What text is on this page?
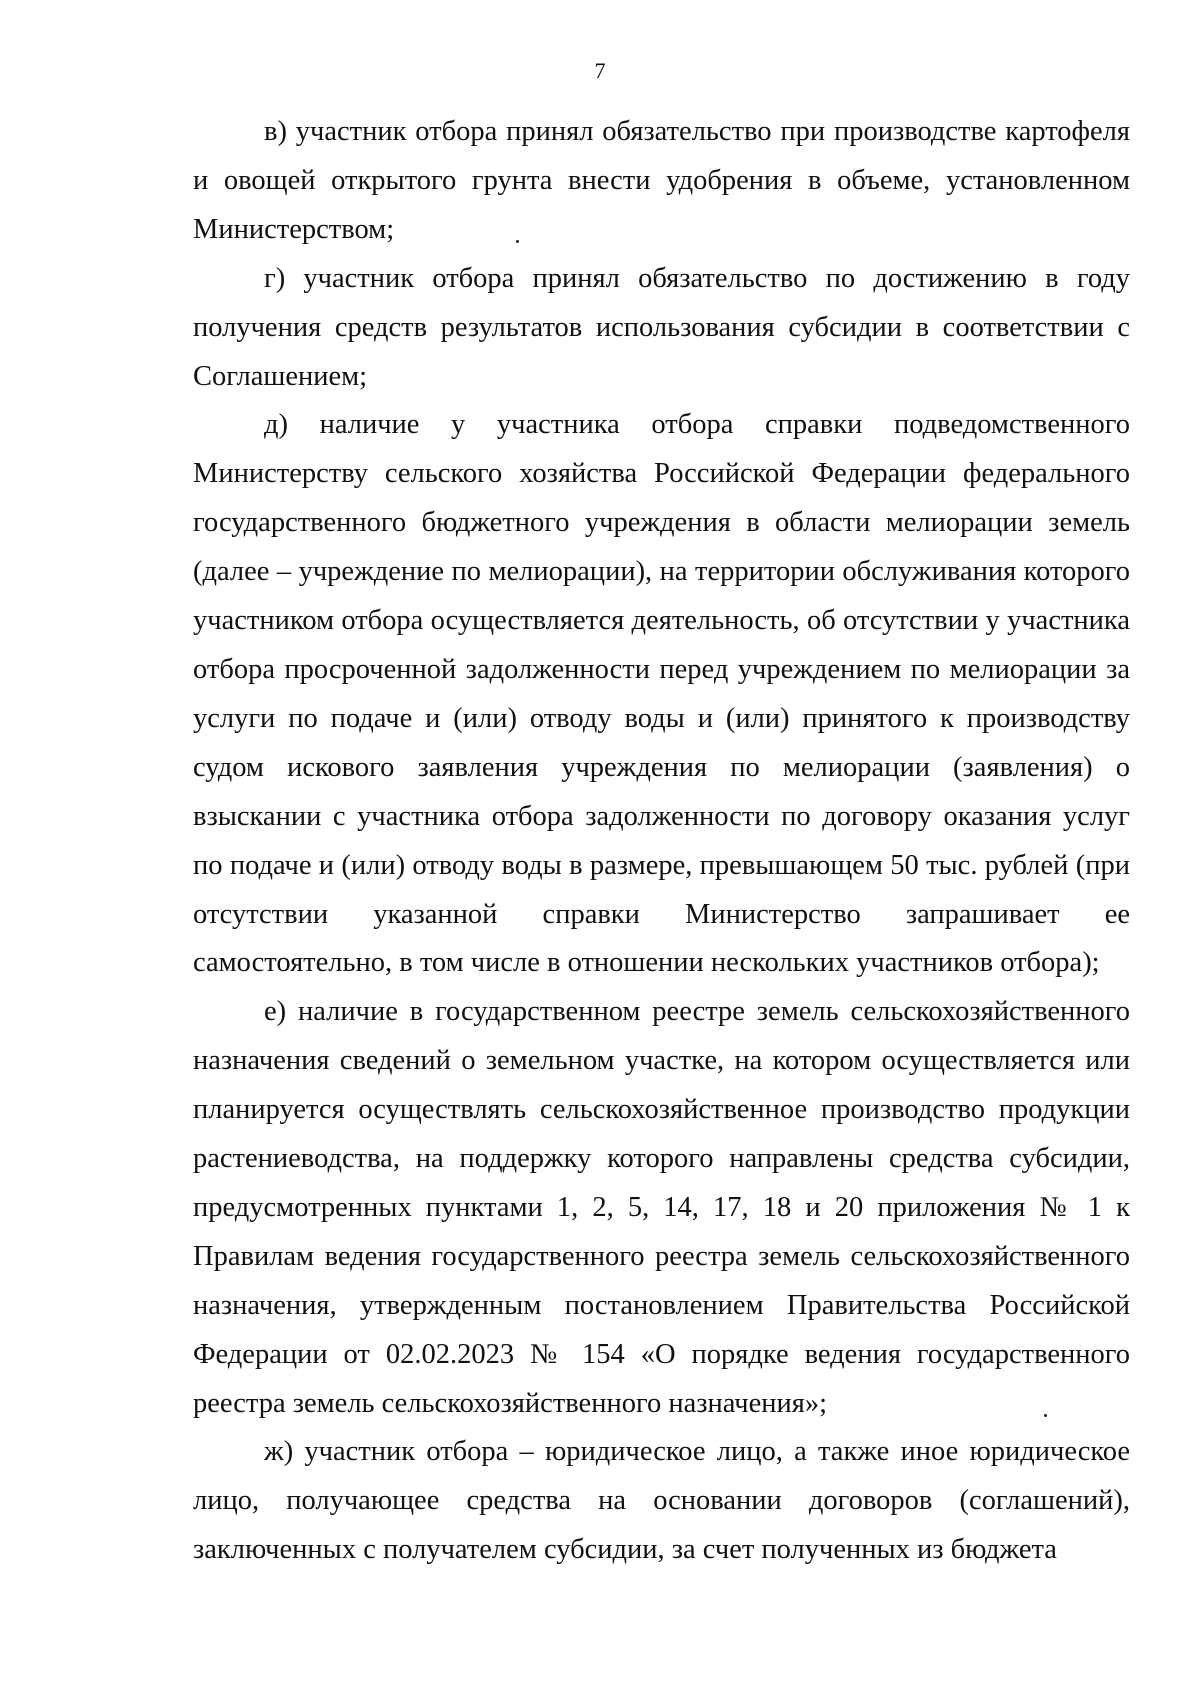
7

в) участник отбора принял обязательство при производстве картофеля и овощей открытого грунта внести удобрения в объеме, установленном Министерством;

г) участник отбора принял обязательство по достижению в году получения средств результатов использования субсидии в соответствии с Соглашением;

д) наличие у участника отбора справки подведомственного Министерству сельского хозяйства Российской Федерации федерального государственного бюджетного учреждения в области мелиорации земель (далее – учреждение по мелиорации), на территории обслуживания которого участником отбора осуществляется деятельность, об отсутствии у участника отбора просроченной задолженности перед учреждением по мелиорации за услуги по подаче и (или) отводу воды и (или) принятого к производству судом искового заявления учреждения по мелиорации (заявления) о взыскании с участника отбора задолженности по договору оказания услуг по подаче и (или) отводу воды в размере, превышающем 50 тыс. рублей (при отсутствии указанной справки Министерство запрашивает ее самостоятельно, в том числе в отношении нескольких участников отбора);

е) наличие в государственном реестре земель сельскохозяйственного назначения сведений о земельном участке, на котором осуществляется или планируется осуществлять сельскохозяйственное производство продукции растениеводства, на поддержку которого направлены средства субсидии, предусмотренных пунктами 1, 2, 5, 14, 17, 18 и 20 приложения № 1 к Правилам ведения государственного реестра земель сельскохозяйственного назначения, утвержденным постановлением Правительства Российской Федерации от 02.02.2023 № 154 «О порядке ведения государственного реестра земель сельскохозяйственного назначения»;

ж) участник отбора – юридическое лицо, а также иное юридическое лицо, получающее средства на основании договоров (соглашений), заключенных с получателем субсидии, за счет полученных из бюджета
